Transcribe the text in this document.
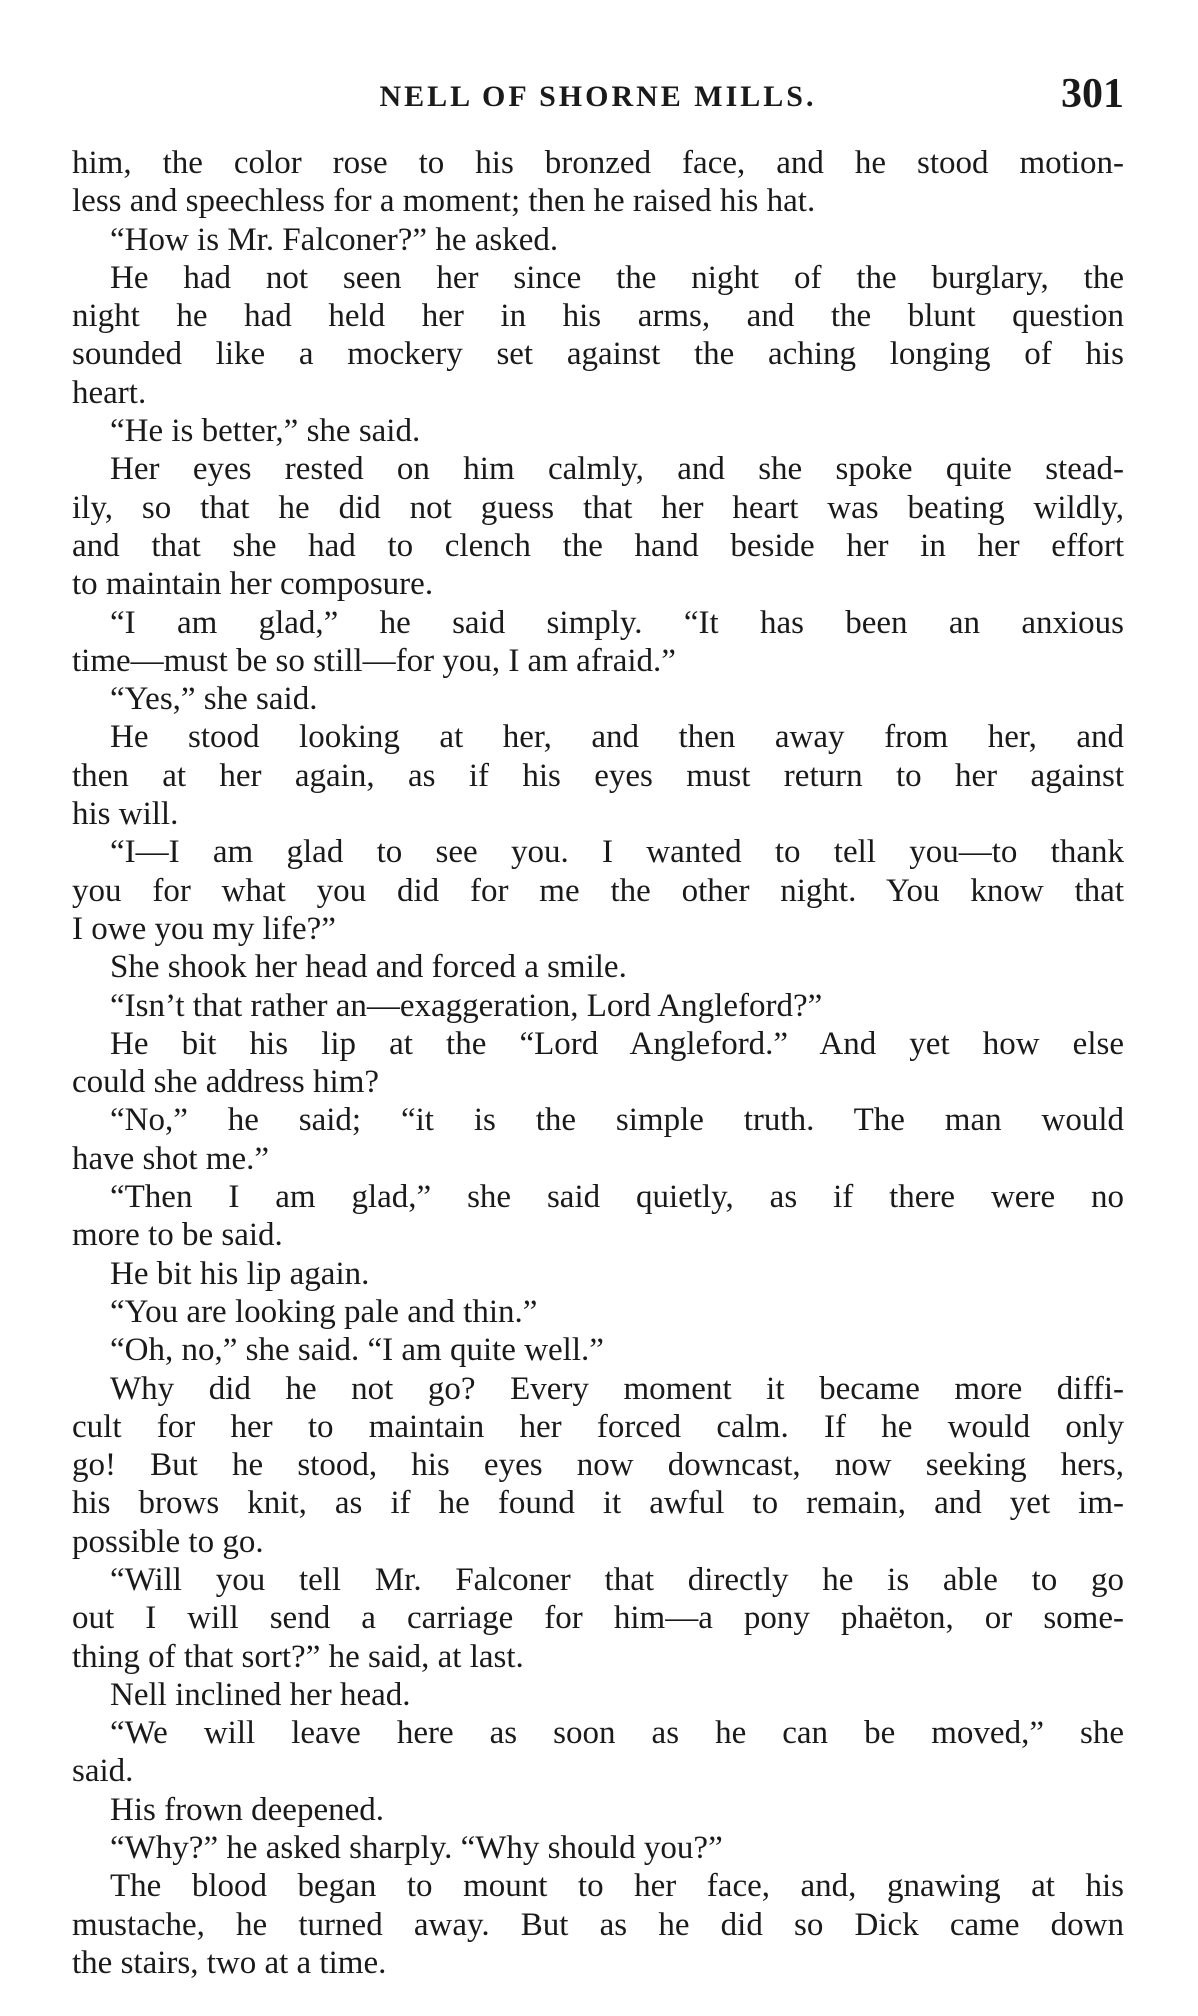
NELL OF SHORNE MILLS.	301
him, the color rose to his bronzed face, and he stood motion-
less and speechless for a moment; then he raised his hat.
“How is Mr. Falconer?” he asked.
He had not seen her since the night of the burglary, the
night he had held her in his arms, and the blunt question
sounded like a mockery set against the aching longing of his
heart.
“He is better,” she said.
Her eyes rested on him calmly, and she spoke quite stead-
ily, so that he did not guess that her heart was beating wildly,
and that she had to clench the hand beside her in her effort
to maintain her composure.
“I am glad,” he said simply. “It has been an anxious
time—must be so still—for you, I am afraid.”
“Yes,” she said.
He stood looking at her, and then away from her, and
then at her again, as if his eyes must return to her against
his will.
“I—I am glad to see you. I wanted to tell you—to thank
you for what you did for me the other night. You know that
I owe you my life?”
She shook her head and forced a smile.
“Isn’t that rather an—exaggeration, Lord Angleford?”
He bit his lip at the “Lord Angleford.” And yet how else
could she address him?
“No,” he said; “it is the simple truth. The man would
have shot me.”
“Then I am glad,” she said quietly, as if there were no
more to be said.
He bit his lip again.
“You are looking pale and thin.”
“Oh, no,” she said. “I am quite well.”
Why did he not go? Every moment it became more diffi-
cult for her to maintain her forced calm. If he would only
go! But he stood, his eyes now downcast, now seeking hers,
his brows knit, as if he found it awful to remain, and yet im-
possible to go.
“Will you tell Mr. Falconer that directly he is able to go
out I will send a carriage for him—a pony phaëton, or some-
thing of that sort?” he said, at last.
Nell inclined her head.
“We will leave here as soon as he can be moved,” she
said.
His frown deepened.
“Why?” he asked sharply. “Why should you?”
The blood began to mount to her face, and, gnawing at his
mustache, he turned away. But as he did so Dick came down
the stairs, two at a time.
